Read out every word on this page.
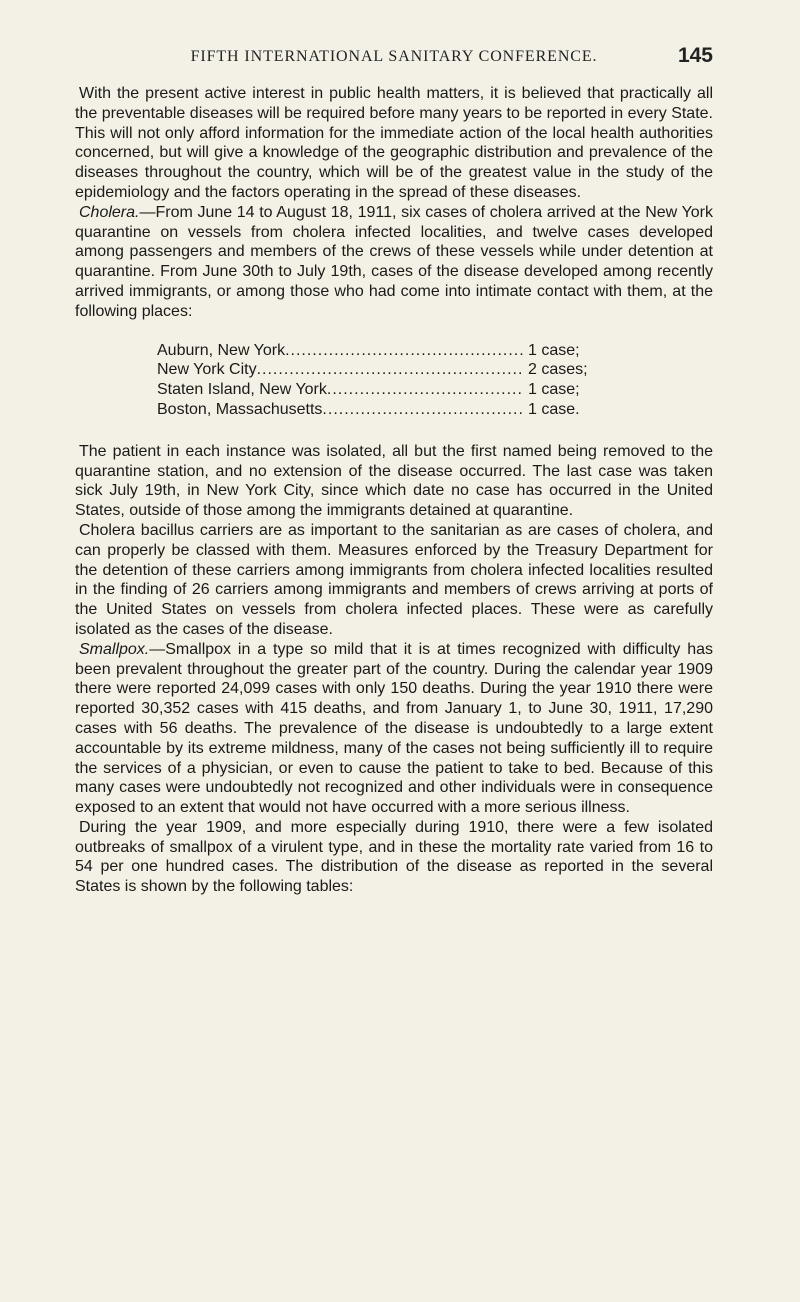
FIFTH INTERNATIONAL SANITARY CONFERENCE.	145

With the present active interest in public health matters, it is believed that practically all the preventable diseases will be required before many years to be reported in every State. This will not only afford information for the immediate action of the local health authorities concerned, but will give a knowledge of the geographic distribution and prevalence of the diseases throughout the country, which will be of the greatest value in the study of the epidemiology and the factors operating in the spread of these diseases.

Cholera.—From June 14 to August 18, 1911, six cases of cholera arrived at the New York quarantine on vessels from cholera infected localities, and twelve cases developed among passengers and members of the crews of these vessels while under detention at quarantine. From June 30th to July 19th, cases of the disease developed among recently arrived immigrants, or among those who had come into intimate contact with them, at the following places:

Auburn, New York .....	1 case;
New York City .....	2 cases;
Staten Island, New York .....	1 case;
Boston, Massachusetts .....	1 case.

The patient in each instance was isolated, all but the first named being removed to the quarantine station, and no extension of the disease occurred. The last case was taken sick July 19th, in New York City, since which date no case has occurred in the United States, outside of those among the immigrants detained at quarantine.

Cholera bacillus carriers are as important to the sanitarian as are cases of cholera, and can properly be classed with them. Measures enforced by the Treasury Department for the detention of these carriers among immigrants from cholera infected localities resulted in the finding of 26 carriers among immigrants and members of crews arriving at ports of the United States on vessels from cholera infected places. These were as carefully isolated as the cases of the disease.

Smallpox.—Smallpox in a type so mild that it is at times recognized with difficulty has been prevalent throughout the greater part of the country. During the calendar year 1909 there were reported 24,099 cases with only 150 deaths. During the year 1910 there were reported 30,352 cases with 415 deaths, and from January 1, to June 30, 1911, 17,290 cases with 56 deaths. The prevalence of the disease is undoubtedly to a large extent accountable by its extreme mildness, many of the cases not being sufficiently ill to require the services of a physician, or even to cause the patient to take to bed. Because of this many cases were undoubtedly not recognized and other individuals were in consequence exposed to an extent that would not have occurred with a more serious illness.

During the year 1909, and more especially during 1910, there were a few isolated outbreaks of smallpox of a virulent type, and in these the mortality rate varied from 16 to 54 per one hundred cases. The distribution of the disease as reported in the several States is shown by the following tables:
